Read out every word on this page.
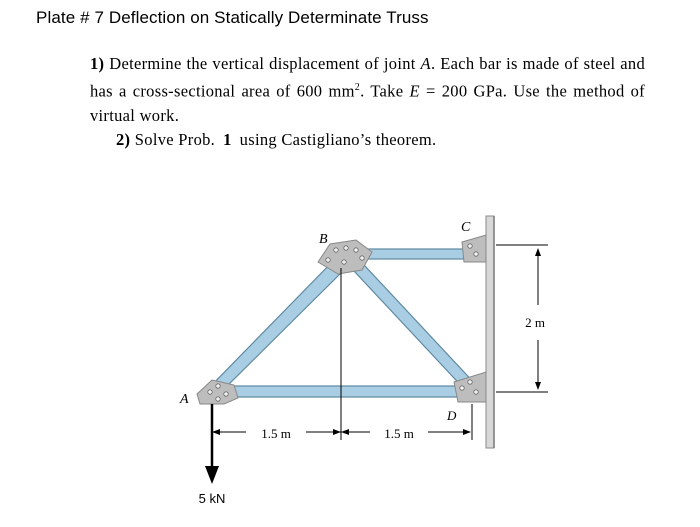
Plate # 7 Deflection on Statically Determinate Truss
1) Determine the vertical displacement of joint A. Each bar is made of steel and has a cross-sectional area of 600 $mm^2$. Take E = 200 GPa. Use the method of virtual work.
2) Solve Prob. 1 using Castigliano’s theorem.
1.5 m	1.5 m
2 m
A
B
C
D
5 kN
